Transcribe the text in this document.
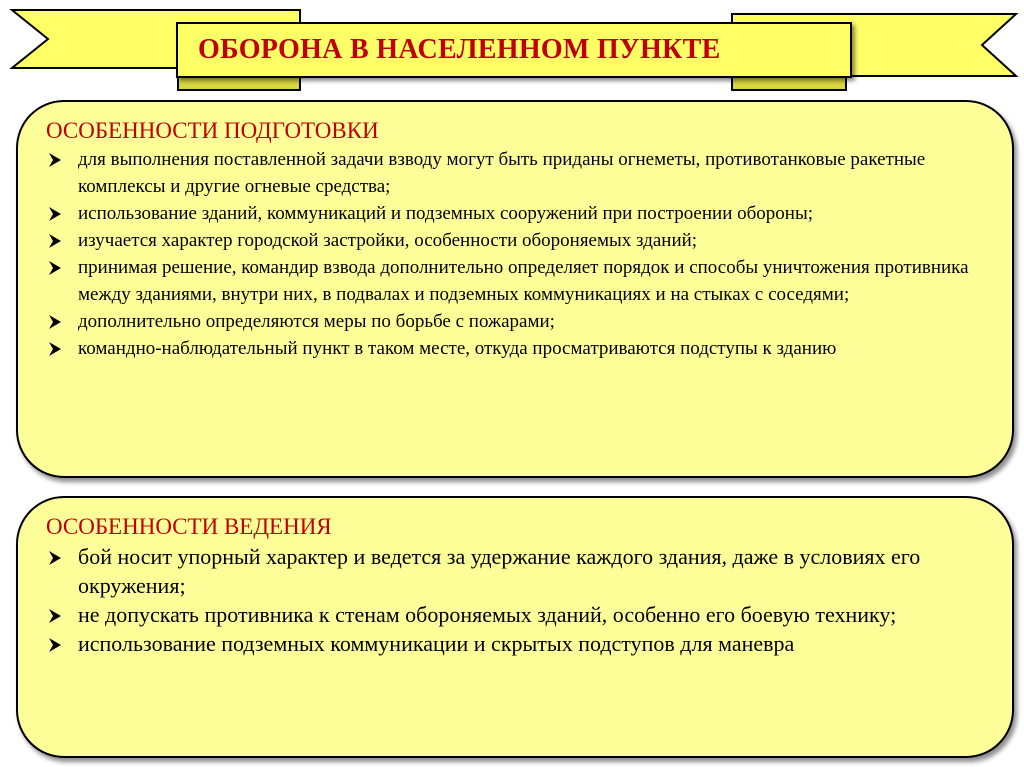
ОБОРОНА В НАСЕЛЕННОМ ПУНКТЕ
ОСОБЕННОСТИ ПОДГОТОВКИ
для выполнения поставленной задачи взводу могут быть приданы огнеметы, противотанковые ракетные комплексы и другие огневые средства;
использование зданий, коммуникаций и подземных сооружений при построении обороны;
изучается характер городской застройки, особенности обороняемых зданий;
принимая решение, командир взвода дополнительно определяет порядок и способы уничтожения противника между зданиями, внутри них, в подвалах и подземных коммуникациях и на стыках с соседями;
дополнительно определяются меры по борьбе с пожарами;
командно-наблюдательный пункт в таком месте, откуда просматриваются подступы к зданию
ОСОБЕННОСТИ ВЕДЕНИЯ
бой носит упорный характер и ведется за удержание каждого здания, даже в условиях его окружения;
не допускать противника к стенам обороняемых зданий, особенно его боевую технику;
использование подземных коммуникации и скрытых подступов для маневра
